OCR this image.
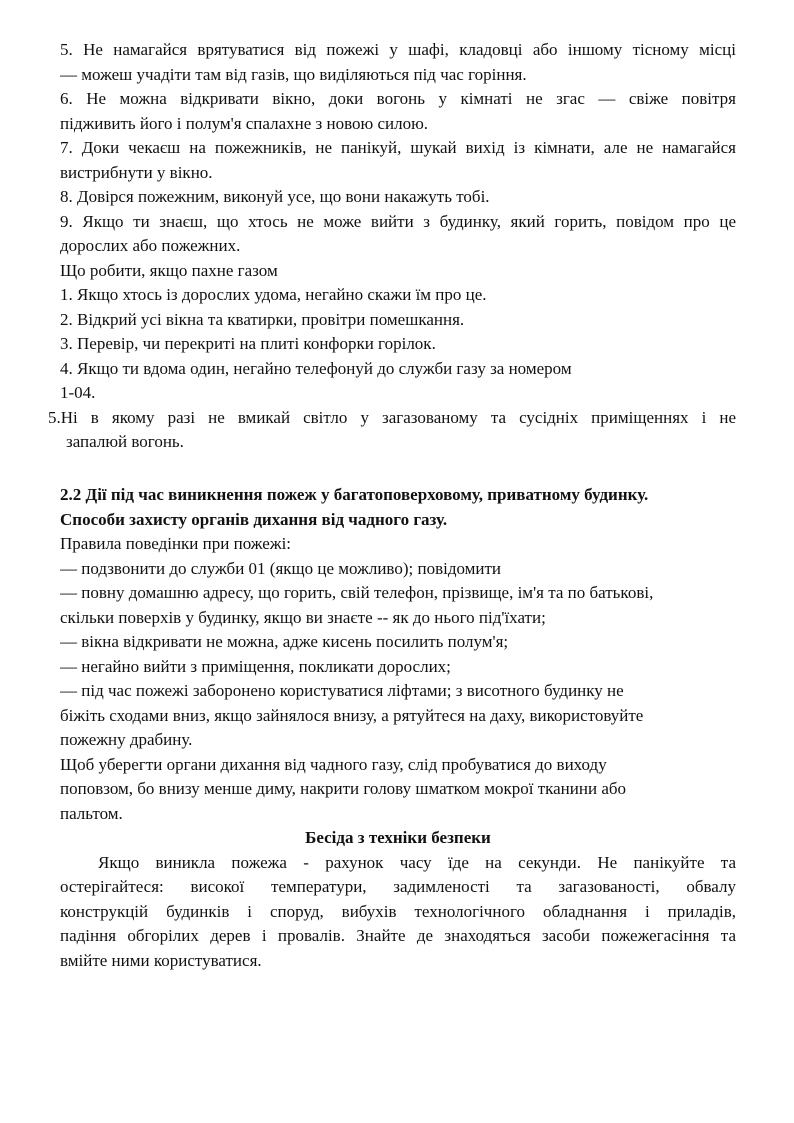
5. Не намагайся врятуватися від пожежі у шафі, кладовці або іншому тісному місці
— можеш учадіти там від газів, що виділяються під час горіння.
6. Не можна відкривати вікно, доки вогонь у кімнаті не згас — свіже повітря
підживить його і полум'я спалахне з новою силою.
7. Доки чекаєш на пожежників, не панікуй, шукай вихід із кімнати, але не намагайся
вистрибнути у вікно.
8. Довірся пожежним, виконуй усе, що вони накажуть тобі.
9. Якщо ти знаєш, що хтось не може вийти з будинку, який горить, повідом про це
дорослих або пожежних.
Що робити, якщо пахне газом
1. Якщо хтось із дорослих удома, негайно скажи їм про це.
2. Відкрий усі вікна та кватирки, провітри помешкання.
3. Перевір, чи перекриті на плиті конфорки горілок.
4. Якщо ти вдома один, негайно телефонуй до служби газу за номером
1-04.
5.Ні в якому разі не вмикай світло у загазованому та сусідніх приміщеннях і не
запалюй вогонь.
2.2 Дії під час виникнення пожеж у багатоповерховому, приватному будинку.
Способи захисту органів дихання від чадного газу.
Правила поведінки при пожежі:
— подзвонити до служби 01 (якщо це можливо); повідомити
— повну домашню адресу, що горить, свій телефон, прізвище, ім'я та по батькові,
скільки поверхів у будинку, якщо ви знаєте -- як до нього під'їхати;
— вікна відкривати не можна, адже кисень посилить полум'я;
— негайно вийти з приміщення, покликати дорослих;
— під час пожежі заборонено користуватися ліфтами; з висотного будинку не
біжіть сходами вниз, якщо зайнялося внизу, а рятуйтеся на даху, використовуйте
пожежну драбину.
Щоб уберегти органи дихання від чадного газу, слід пробуватися до виходу
поповзом, бо внизу менше диму, накрити голову шматком мокрої тканини або
пальтом.
Бесіда з техніки безпеки
Якщо виникла пожежа - рахунок часу їде на секунди. Не панікуйте та
остерігайтеся: високої температури, задимленості та загазованості, обвалу
конструкцій будинків і споруд, вибухів технологічного обладнання і приладів,
падіння обгорілих дерев і провалів. Знайте де знаходяться засоби пожежегасіння та
вмійте ними користуватися.
